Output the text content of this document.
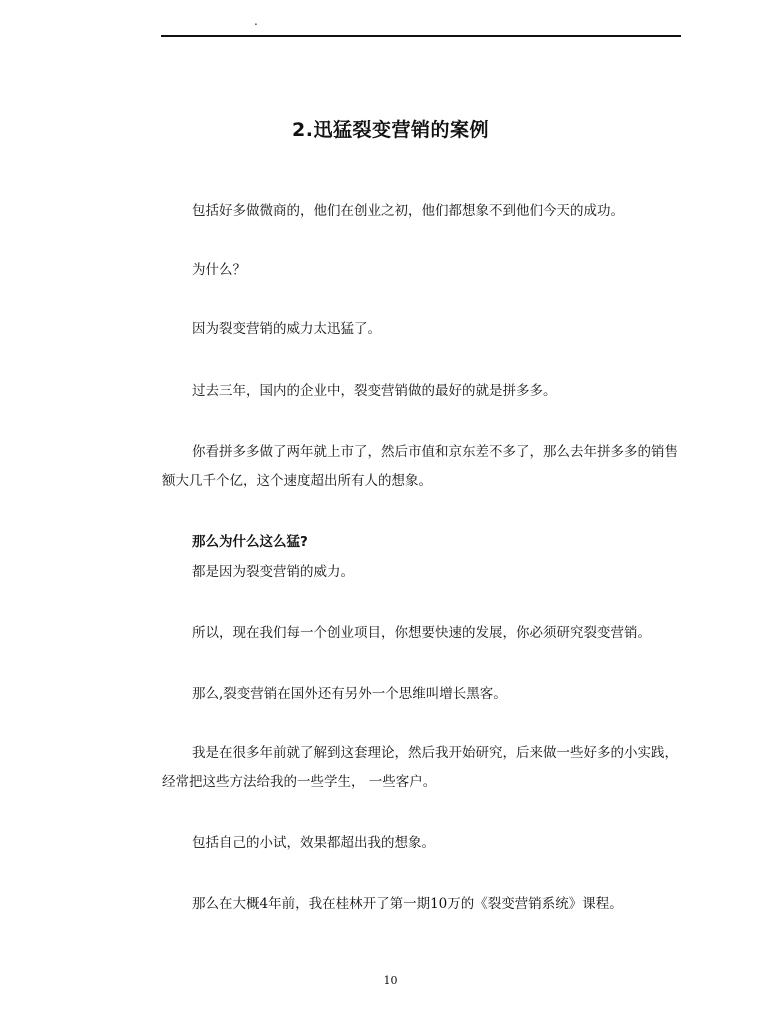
.
2.迅猛裂变营销的案例

包括好多做微商的，他们在创业之初，他们都想象不到他们今天的成功。

为什么？

因为裂变营销的威力太迅猛了。

过去三年，国内的企业中，裂变营销做的最好的就是拼多多。

你看拼多多做了两年就上市了，然后市值和京东差不多了，那么去年拼多多的销售额大几千个亿，这个速度超出所有人的想象。

那么为什么这么猛?

都是因为裂变营销的威力。

所以，现在我们每一个创业项目，你想要快速的发展，你必须研究裂变营销。

那么,裂变营销在国外还有另外一个思维叫增长黑客。

我是在很多年前就了解到这套理论，然后我开始研究，后来做一些好多的小实践，经常把这些方法给我的一些学生， 一些客户。

包括自己的小试，效果都超出我的想象。

那么在大概4年前，我在桂林开了第一期10万的《裂变营销系统》课程。

10
